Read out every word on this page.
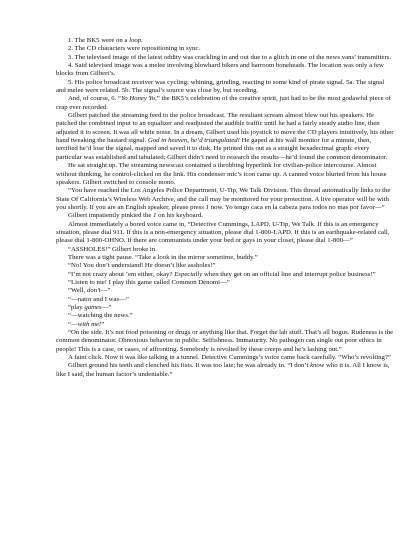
1. The BK5 were on a loop.

2. The CD characters were repositioning in sync.

3. The televised image of the latest oddity was crackling in and out due to a glitch in one of the news vans’ transmitters.

4. Said televised image was a melee involving blowhard bikers and barroom boneheads. The location was only a few blocks from Gilbert’s.

5. His police broadcast receiver was cycling; whining, grinding, reacting to some kind of pirate signal. 5a. The signal and melee were related. 5b. The signal’s source was close by, but receding.

And, of course, 6. “Yo Honey Yo,” the BK5’s celebration of the creative spirit, just had to be the most godawful piece of crap ever recorded.

Gilbert patched the streaming feed to the police broadcast. The resultant scream almost blew out his speakers. He patched the combined input to an equalizer and readjusted the audible traffic until he had a fairly steady audio line, then adjusted it to screen. It was all white noise. In a dream, Gilbert used his joystick to move the CD players intuitively, his other hand tweaking the bastard signal. God in heaven, he’d triangulated! He gaped at his wall monitor for a minute, then, terrified he’d lose the signal, mapped and saved it to disk. He printed this out as a straight hexadecimal graph: every particular was established and tabulated; Gilbert didn’t need to research the results—he’d found the common denominator.

He sat straight up. The streaming newscast contained a throbbing hyperlink for civilian-police intercourse. Almost without thinking, he control-clicked on the link. His condenser mic’s icon came up. A canned voice blurted from his house speakers. Gilbert switched to console mono.

“You have reached the Los Angeles Police Department, U-Tip, We Talk Division. This thread automatically links to the State Of California’s Wireless Web Archive, and the call may be monitored for your protection. A live operator will be with you shortly. If you are an English speaker, please press 1 now. Yo tengo caca en la cabeza para todos no mas por favor—”

Gilbert impatiently pinkied the 1 on his keyboard.

Almost immediately a bored voice came in, “Detective Cummings, LAPD. U-Tip, We Talk. If this is an emergency situation, please dial 911. If this is a non-emergency situation, please dial 1-800-LAPD. If this is an earthquake-related call, please dial 1-800-OHNO. If there are communists under your bed or gays in your closet, please dial 1-800—”

“ASSHOLES!” Gilbert broke in.

There was a tight pause. “Take a look in the mirror sometime, buddy.”

“No! You don’t understand! He doesn’t like assholes!”

“I’m not crazy about ’em either, okay? Especially when they get on an official line and interrupt police business!”

“Listen to me! I play this game called Common Denomi—”

“Well, don’t—”

“—nator and I was—”

“play games—”

“—watching the news.”

“—with me!”

“On the side. It’s not food poisoning or drugs or anything like that. Forget the lab stuff. That’s all bogus. Rudeness is the common denominator. Obnoxious behavior in public. Selfishness. Immaturity. No pathogen can single out poor ethics in people! This is a case, or cases, of affronting. Somebody is revolted by these creeps and he’s lashing out.”

A faint click. Now it was like talking in a tunnel. Detective Cummings’s voice came back carefully. “Who’s revolting?”

Gilbert ground his teeth and clenched his fists. It was too late; he was already in. “I don’t know who it is. All I know is, like I said, the human factor’s undeniable.”
